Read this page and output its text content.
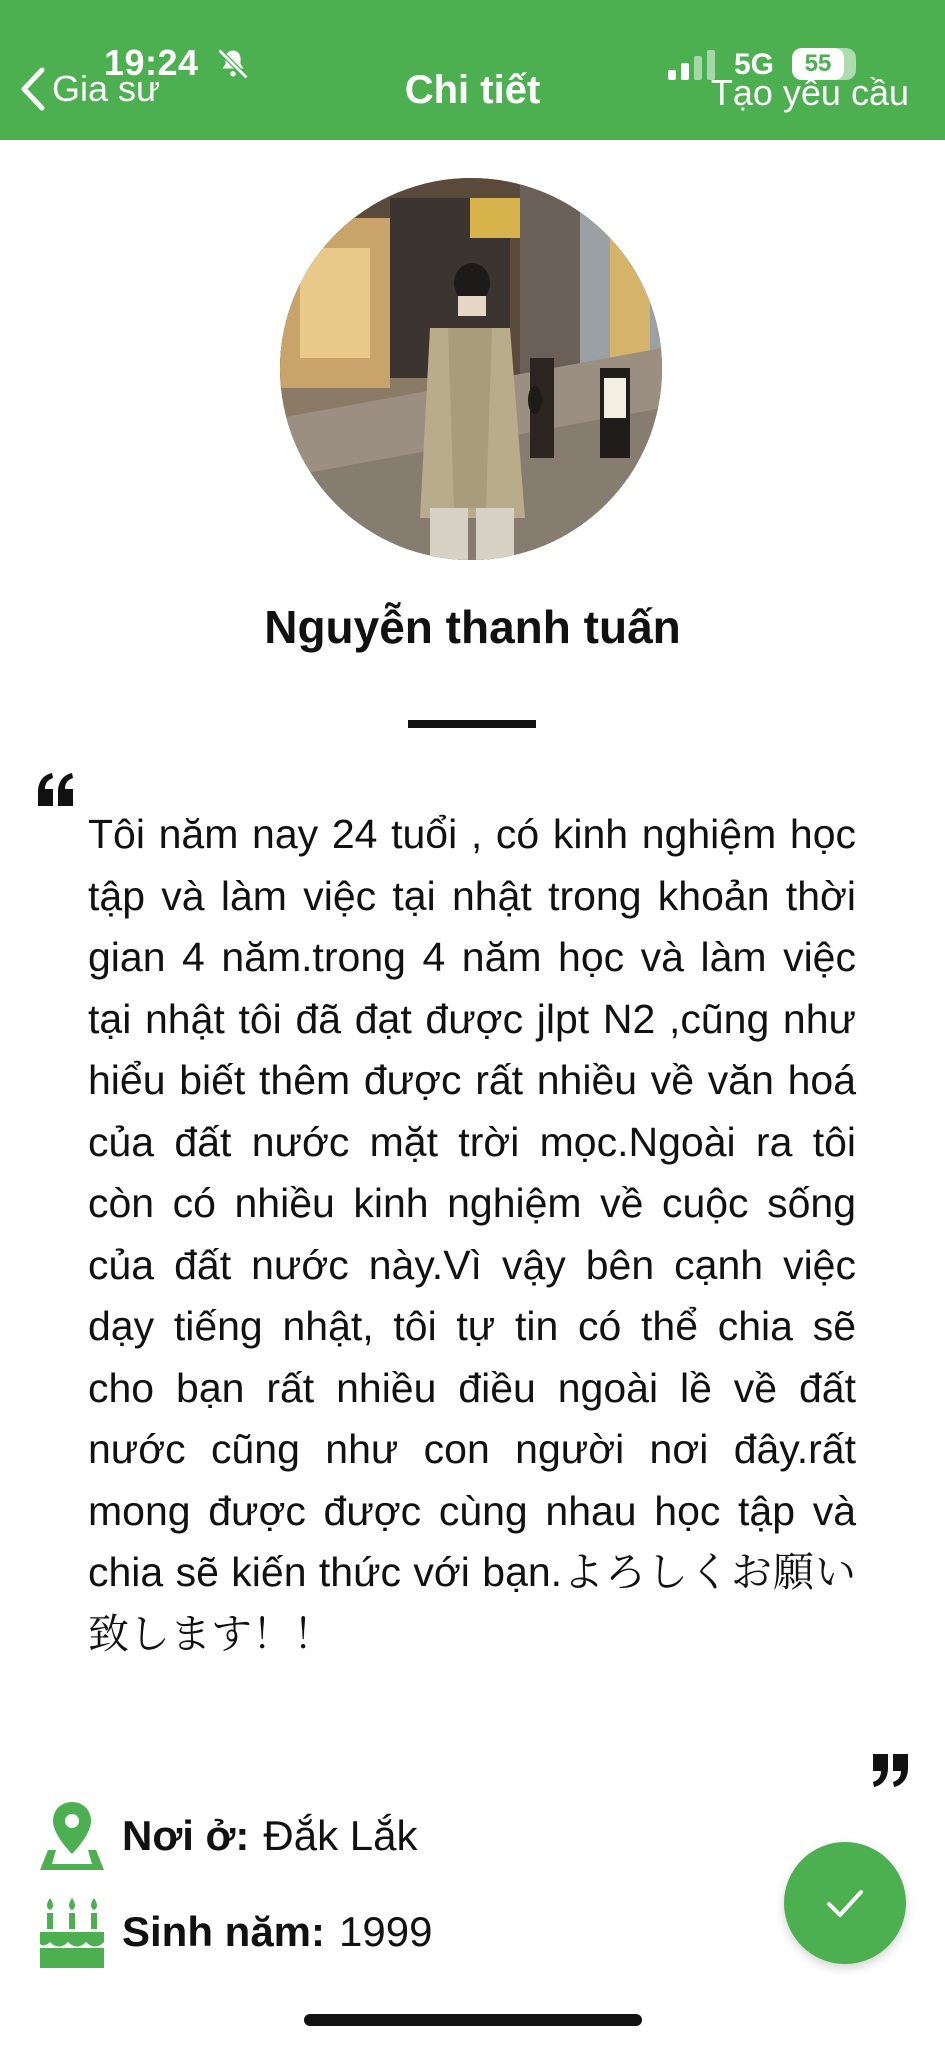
19:24	5G	55
Gia sư	Chi tiết	Tạo yêu cầu
Nguyễn thanh tuấn
Tôi năm nay 24 tuổi , có kinh nghiệm học tập và làm việc tại nhật trong khoản thời gian 4 năm.trong 4 năm học và làm việc tại nhật tôi đã đạt được jlpt N2 ,cũng như hiểu biết thêm được rất nhiều về văn hoá của đất nước mặt trời mọc.Ngoài ra tôi còn có nhiều kinh nghiệm về cuộc sống của đất nước này.Vì vậy bên cạnh việc dạy tiếng nhật, tôi tự tin có thể chia sẽ cho bạn rất nhiều điều ngoài lề về đất nước cũng như con người nơi đây.rất mong được được cùng nhau học tập và chia sẽ kiến thức với bạn.よろしくお願い致します！！
Nơi ở: Đắk Lắk
Sinh năm: 1999
